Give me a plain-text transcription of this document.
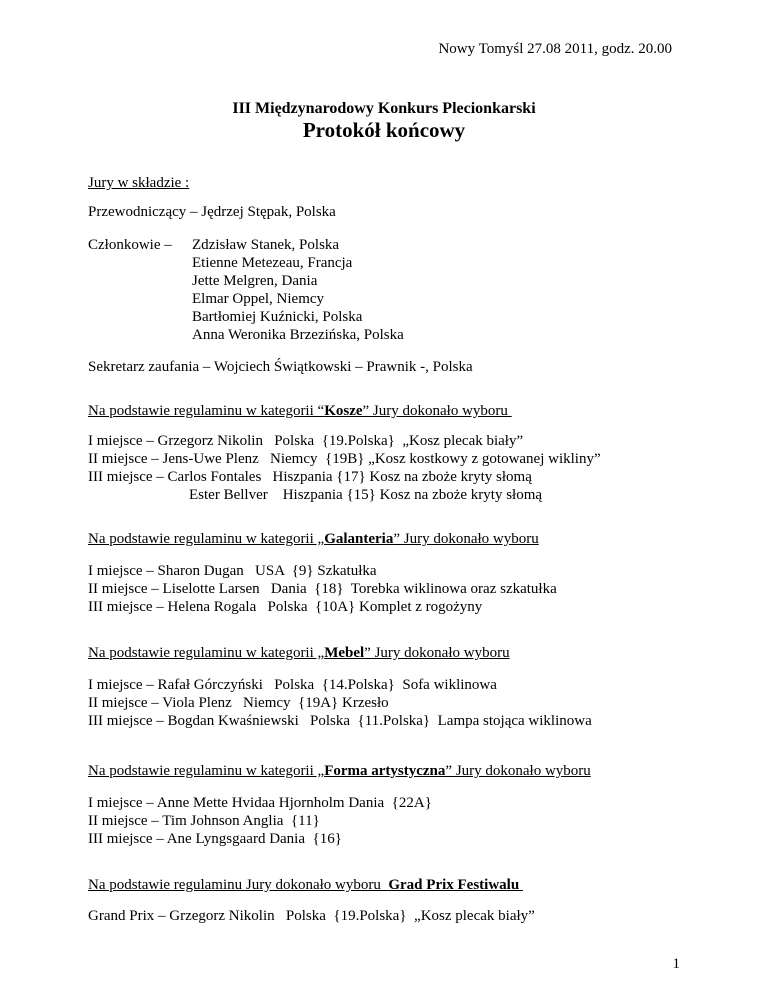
Nowy Tomyśl 27.08 2011, godz. 20.00
III Międzynarodowy Konkurs Plecionkarski
Protokół końcowy
Jury w składzie :
Przewodniczący – Jędrzej Stępak, Polska
Członkowie – Zdzisław Stanek, Polska
Etienne Metezeau, Francja
Jette Melgren, Dania
Elmar Oppel, Niemcy
Bartłomiej Kuźnicki, Polska
Anna Weronika Brzezińska, Polska
Sekretarz zaufania – Wojciech Świątkowski – Prawnik -, Polska
Na podstawie regulaminu w kategorii “Kosze” Jury dokonało wyboru
I miejsce – Grzegorz Nikolin   Polska  {19.Polska}  „Kosz plecak biały”
II miejsce – Jens-Uwe Plenz   Niemcy  {19B} „Kosz kostkowy z gotowanej wikliny”
III miejsce – Carlos Fontales   Hiszpania {17} Kosz na zboże kryty słomą
Ester Bellver    Hiszpania {15} Kosz na zboże kryty słomą
Na podstawie regulaminu w kategorii „Galanteria” Jury dokonało wyboru
I miejsce – Sharon Dugan   USA  {9} Szkatułka
II miejsce – Liselotte Larsen   Dania  {18}  Torebka wiklinowa oraz szkatułka
III miejsce – Helena Rogala   Polska  {10A} Komplet z rogożyny
Na podstawie regulaminu w kategorii „Mebel” Jury dokonało wyboru
I miejsce – Rafał Górczyński   Polska  {14.Polska}  Sofa wiklinowa
II miejsce – Viola Plenz   Niemcy  {19A} Krzesło
III miejsce – Bogdan Kwaśniewski   Polska  {11.Polska}  Lampa stojąca wiklinowa
Na podstawie regulaminu w kategorii „Forma artystyczna” Jury dokonało wyboru
I miejsce – Anne Mette Hvidaa Hjornholm Dania  {22A}
II miejsce – Tim Johnson Anglia  {11}
III miejsce – Ane Lyngsgaard Dania  {16}
Na podstawie regulaminu Jury dokonało wyboru  Grad Prix Festiwalu
Grand Prix – Grzegorz Nikolin   Polska  {19.Polska}  „Kosz plecak biały”
1
